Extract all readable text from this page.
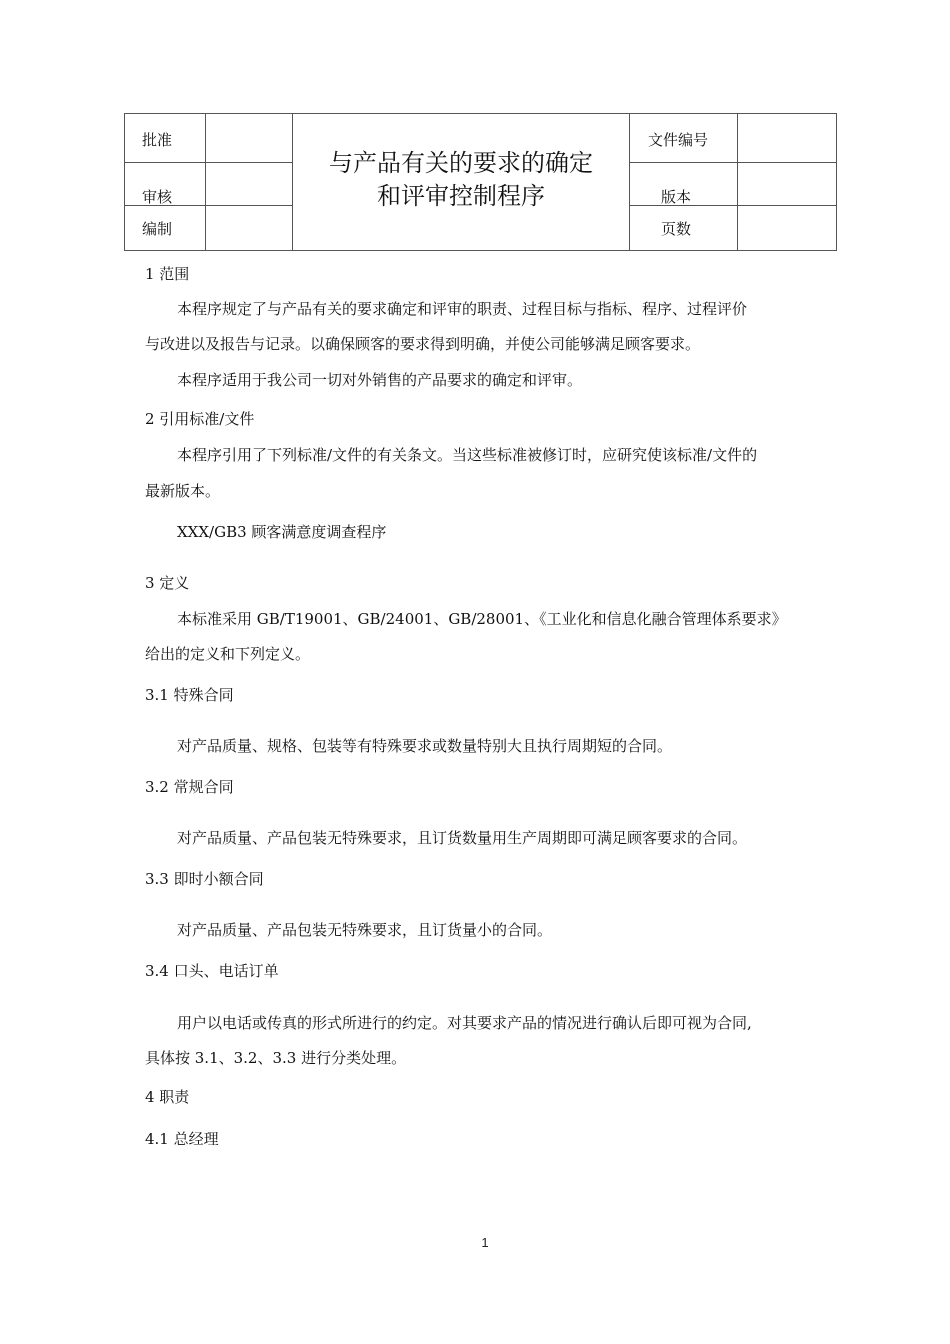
批准
审核
编制
与产品有关的要求的确定
和评审控制程序
文件编号
版本
页数
1 范围
本程序规定了与产品有关的要求确定和评审的职责、过程目标与指标、程序、过程评价
与改进以及报告与记录。以确保顾客的要求得到明确，并使公司能够满足顾客要求。
本程序适用于我公司一切对外销售的产品要求的确定和评审。
2 引用标准/文件
本程序引用了下列标准/文件的有关条文。当这些标准被修订时，应研究使该标准/文件的
最新版本。
XXX/GB3 顾客满意度调查程序
3 定义
本标准采用 GB/T19001、GB/24001、GB/28001、《工业化和信息化融合管理体系要求》
给出的定义和下列定义。
3.1 特殊合同
对产品质量、规格、包装等有特殊要求或数量特别大且执行周期短的合同。
3.2 常规合同
对产品质量、产品包装无特殊要求，且订货数量用生产周期即可满足顾客要求的合同。
3.3 即时小额合同
对产品质量、产品包装无特殊要求，且订货量小的合同。
3.4 口头、电话订单
用户以电话或传真的形式所进行的约定。对其要求产品的情况进行确认后即可视为合同,
具体按 3.1、3.2、3.3 进行分类处理。
4 职责
4.1 总经理
1
